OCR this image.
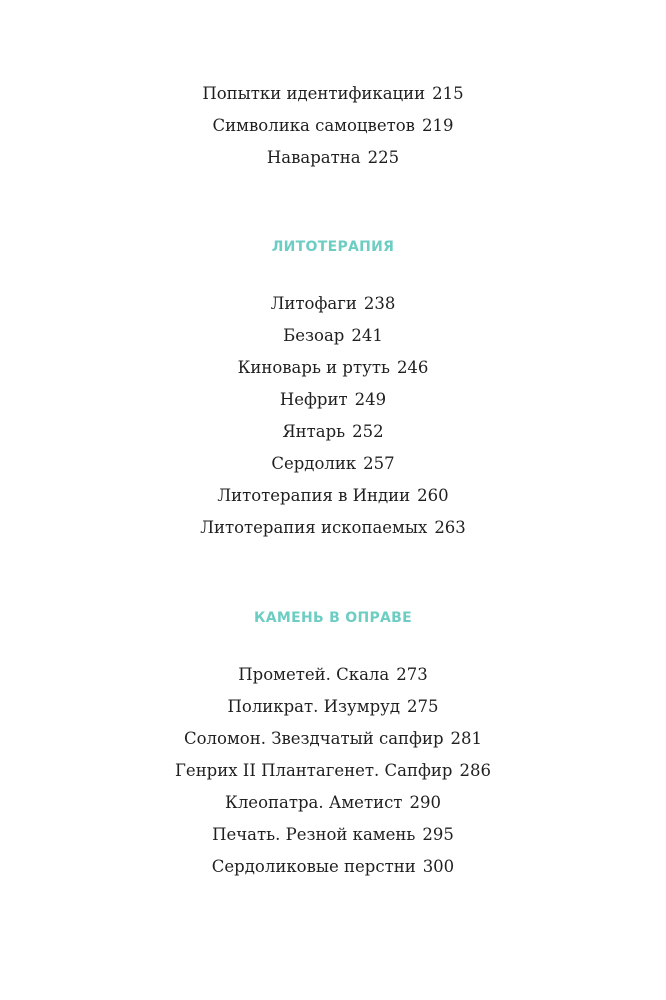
Попытки идентификации 215
Символика самоцветов 219
Наваратна 225
ЛИТОТЕРАПИЯ
Литофаги 238
Безоар 241
Киноварь и ртуть 246
Нефрит 249
Янтарь 252
Сердолик 257
Литотерапия в Индии 260
Литотерапия ископаемых 263
КАМЕНЬ В ОПРАВЕ
Прометей. Скала 273
Поликрат. Изумруд 275
Соломон. Звездчатый сапфир 281
Генрих II Плантагенет. Сапфир 286
Клеопатра. Аметист 290
Печать. Резной камень 295
Сердоликовые перстни 300
